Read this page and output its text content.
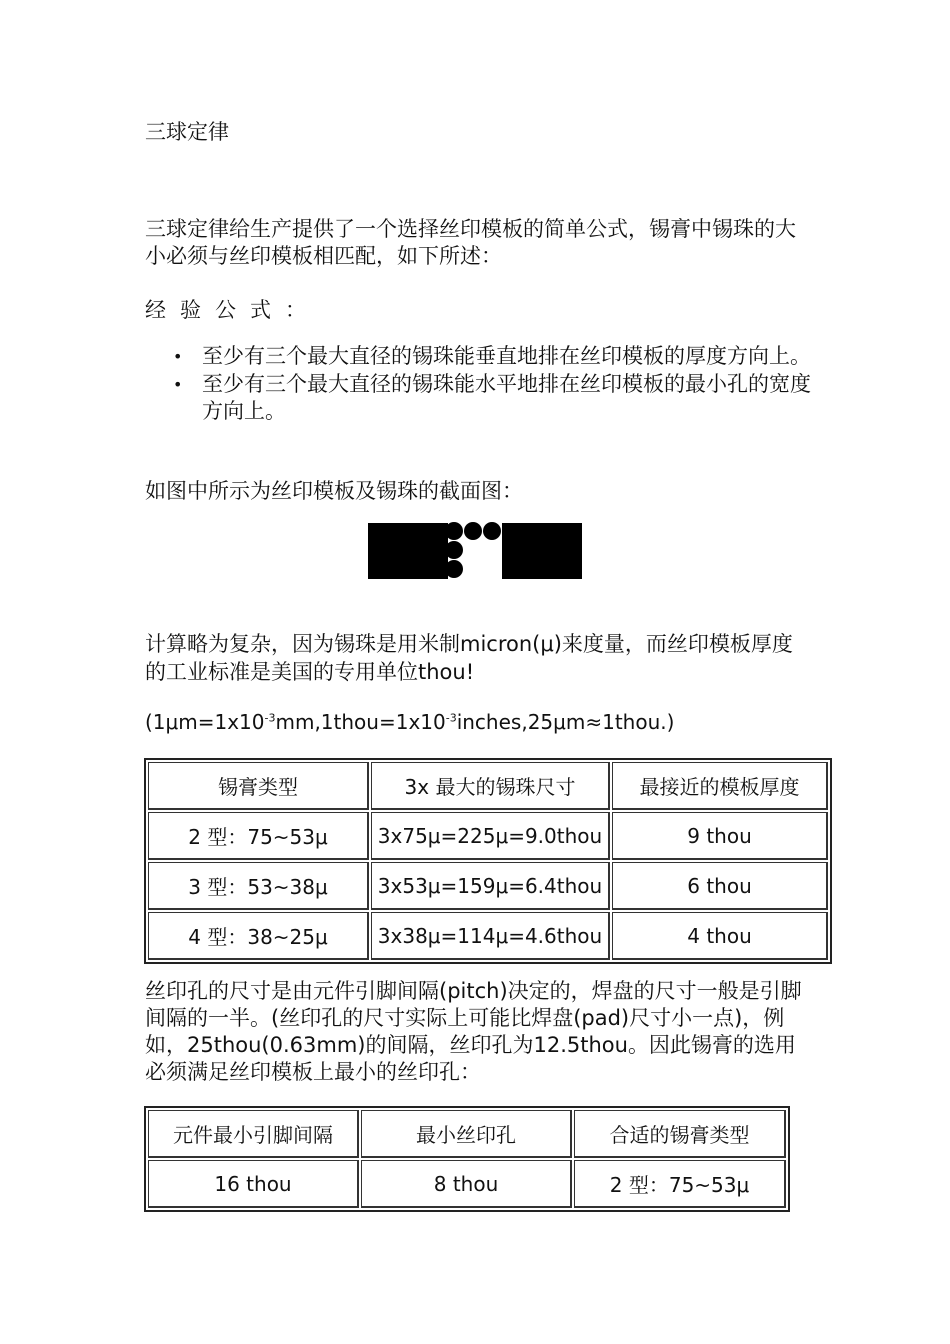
三球定律
三球定律给生产提供了一个选择丝印模板的简单公式，锡膏中锡珠的大小必须与丝印模板相匹配，如下所述：
经验公式：
• 至少有三个最大直径的锡珠能垂直地排在丝印模板的厚度方向上。
• 至少有三个最大直径的锡珠能水平地排在丝印模板的最小孔的宽度方向上。
如图中所示为丝印模板及锡珠的截面图：
计算略为复杂，因为锡珠是用米制micron(μ)来度量，而丝印模板厚度的工业标准是美国的专用单位thou!
$(1\mu m=1x10^{-3}mm,1thou=1x10^{-3}inches,25\mu m\approx 1thou.)$
锡膏类型	3x 最大的锡珠尺寸	最接近的模板厚度
2 型：75~53μ	3x75μ=225μ=9.0thou	9 thou
3 型：53~38μ	3x53μ=159μ=6.4thou	6 thou
4 型：38~25μ	3x38μ=114μ=4.6thou	4 thou
丝印孔的尺寸是由元件引脚间隔(pitch)决定的，焊盘的尺寸一般是引脚间隔的一半。(丝印孔的尺寸实际上可能比焊盘(pad)尺寸小一点)，例如，25thou(0.63mm)的间隔，丝印孔为12.5thou。因此锡膏的选用必须满足丝印模板上最小的丝印孔：
元件最小引脚间隔	最小丝印孔	合适的锡膏类型
16 thou	8 thou	2 型：75~53μ
